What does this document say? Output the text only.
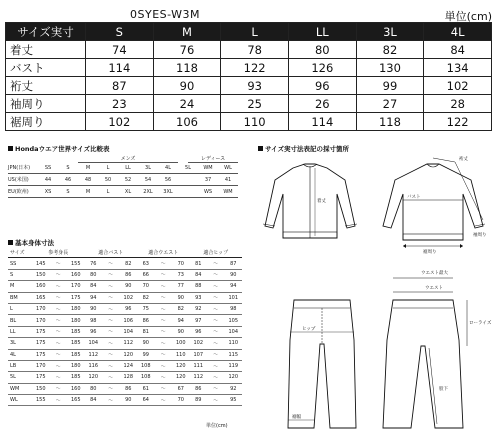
0SYES-W3M	単位(cm)
サイズ実寸	S	M	L	LL	3L	4L
着丈	74	76	78	80	82	84
バスト	114	118	122	126	130	134
裄丈	87	90	93	96	99	102
袖周り	23	24	25	26	27	28
裾周り	102	106	110	114	118	122
Hondaウエア世界サイズ比較表
メンズ	レディース
JPN(日本)	SS	S	M	L	LL	3L	4L	5L	WM	WL
US(米国)	44	46	48	50	52	54	56		37	41
EU(欧州)	XS	S	M	L	XL	2XL	3XL		WS	WM
基本身体寸法
サイズ	参考身長			適合バスト			適合ウエスト			適合ヒップ		
SS	145	〜	155	76	〜	82	63	〜	70	81	〜	87
S	150	〜	160	80	〜	86	66	〜	73	84	〜	90
M	160	〜	170	84	〜	90	70	〜	77	88	〜	94
BM	165	〜	175	94	〜	102	82	〜	90	93	〜	101
L	170	〜	180	90	〜	96	75	〜	82	92	〜	98
BL	170	〜	180	98	〜	106	86	〜	94	97	〜	105
LL	175	〜	185	96	〜	104	81	〜	90	96	〜	104
3L	175	〜	185	104	〜	112	90	〜	100	102	〜	110
4L	175	〜	185	112	〜	120	99	〜	110	107	〜	115
LB	170	〜	180	116	〜	124	108	〜	120	111	〜	119
5L	175	〜	185	120	〜	128	108	〜	120	112	〜	120
WM	150	〜	160	80	〜	86	61	〜	67	86	〜	92
WL	155	〜	165	84	〜	90	64	〜	70	89	〜	95
単位(cm)
サイズ実寸法表記の採寸箇所
着丈
裄丈
バスト
袖周り
裾周り
ヒップ
裾幅
ウエスト最大
ウエスト
ローライズ
股下
